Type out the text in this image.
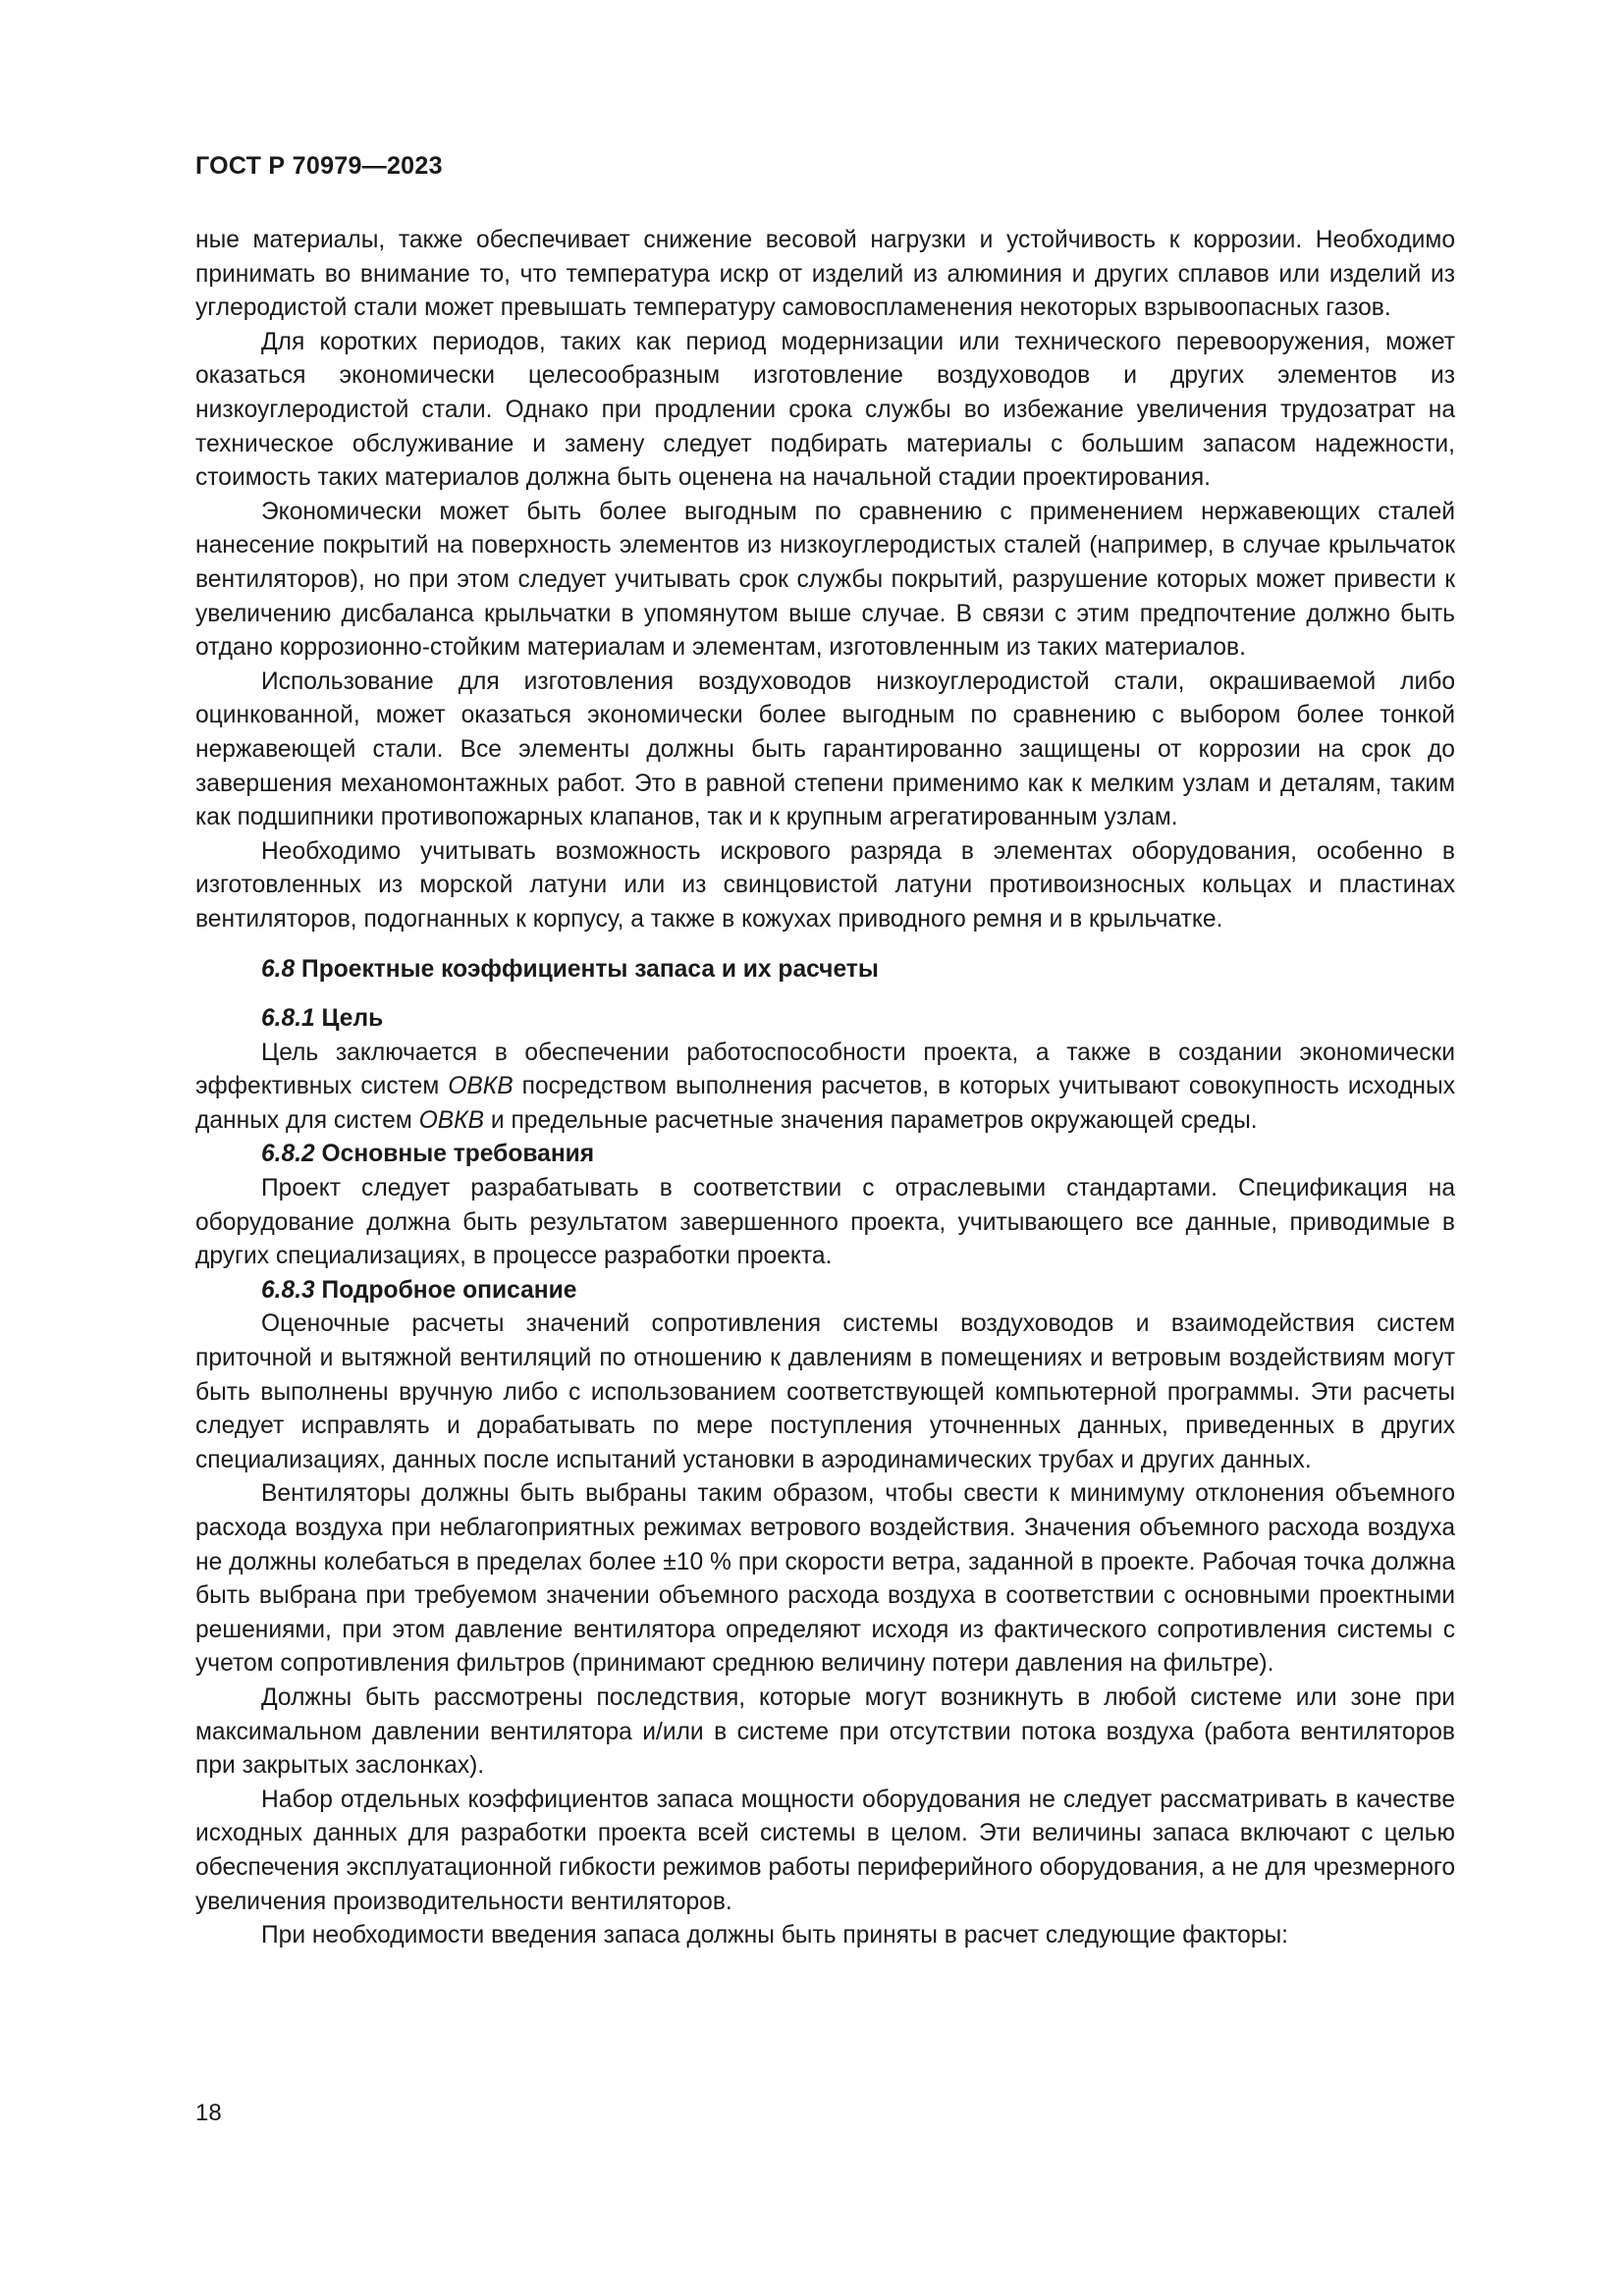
ГОСТ Р 70979—2023

ные материалы, также обеспечивает снижение весовой нагрузки и устойчивость к коррозии. Необходимо принимать во внимание то, что температура искр от изделий из алюминия и других сплавов или изделий из углеродистой стали может превышать температуру самовоспламенения некоторых взрывоопасных газов.

Для коротких периодов, таких как период модернизации или технического перевооружения, может оказаться экономически целесообразным изготовление воздуховодов и других элементов из низкоуглеродистой стали. Однако при продлении срока службы во избежание увеличения трудозатрат на техническое обслуживание и замену следует подбирать материалы с большим запасом надежности, стоимость таких материалов должна быть оценена на начальной стадии проектирования.

Экономически может быть более выгодным по сравнению с применением нержавеющих сталей нанесение покрытий на поверхность элементов из низкоуглеродистых сталей (например, в случае крыльчаток вентиляторов), но при этом следует учитывать срок службы покрытий, разрушение которых может привести к увеличению дисбаланса крыльчатки в упомянутом выше случае. В связи с этим предпочтение должно быть отдано коррозионно-стойким материалам и элементам, изготовленным из таких материалов.

Использование для изготовления воздуховодов низкоуглеродистой стали, окрашиваемой либо оцинкованной, может оказаться экономически более выгодным по сравнению с выбором более тонкой нержавеющей стали. Все элементы должны быть гарантированно защищены от коррозии на срок до завершения механомонтажных работ. Это в равной степени применимо как к мелким узлам и деталям, таким как подшипники противопожарных клапанов, так и к крупным агрегатированным узлам.

Необходимо учитывать возможность искрового разряда в элементах оборудования, особенно в изготовленных из морской латуни или из свинцовистой латуни противоизносных кольцах и пластинах вентиляторов, подогнанных к корпусу, а также в кожухах приводного ремня и в крыльчатке.

6.8 Проектные коэффициенты запаса и их расчеты
6.8.1 Цель

Цель заключается в обеспечении работоспособности проекта, а также в создании экономически эффективных систем ОВКВ посредством выполнения расчетов, в которых учитывают совокупность исходных данных для систем ОВКВ и предельные расчетные значения параметров окружающей среды.

6.8.2 Основные требования

Проект следует разрабатывать в соответствии с отраслевыми стандартами. Спецификация на оборудование должна быть результатом завершенного проекта, учитывающего все данные, приводимые в других специализациях, в процессе разработки проекта.

6.8.3 Подробное описание

Оценочные расчеты значений сопротивления системы воздуховодов и взаимодействия систем приточной и вытяжной вентиляций по отношению к давлениям в помещениях и ветровым воздействиям могут быть выполнены вручную либо с использованием соответствующей компьютерной программы. Эти расчеты следует исправлять и дорабатывать по мере поступления уточненных данных, приведенных в других специализациях, данных после испытаний установки в аэродинамических трубах и других данных.

Вентиляторы должны быть выбраны таким образом, чтобы свести к минимуму отклонения объемного расхода воздуха при неблагоприятных режимах ветрового воздействия. Значения объемного расхода воздуха не должны колебаться в пределах более ±10 % при скорости ветра, заданной в проекте. Рабочая точка должна быть выбрана при требуемом значении объемного расхода воздуха в соответствии с основными проектными решениями, при этом давление вентилятора определяют исходя из фактического сопротивления системы с учетом сопротивления фильтров (принимают среднюю величину потери давления на фильтре).

Должны быть рассмотрены последствия, которые могут возникнуть в любой системе или зоне при максимальном давлении вентилятора и/или в системе при отсутствии потока воздуха (работа вентиляторов при закрытых заслонках).

Набор отдельных коэффициентов запаса мощности оборудования не следует рассматривать в качестве исходных данных для разработки проекта всей системы в целом. Эти величины запаса включают с целью обеспечения эксплуатационной гибкости режимов работы периферийного оборудования, а не для чрезмерного увеличения производительности вентиляторов.

При необходимости введения запаса должны быть приняты в расчет следующие факторы:

18
